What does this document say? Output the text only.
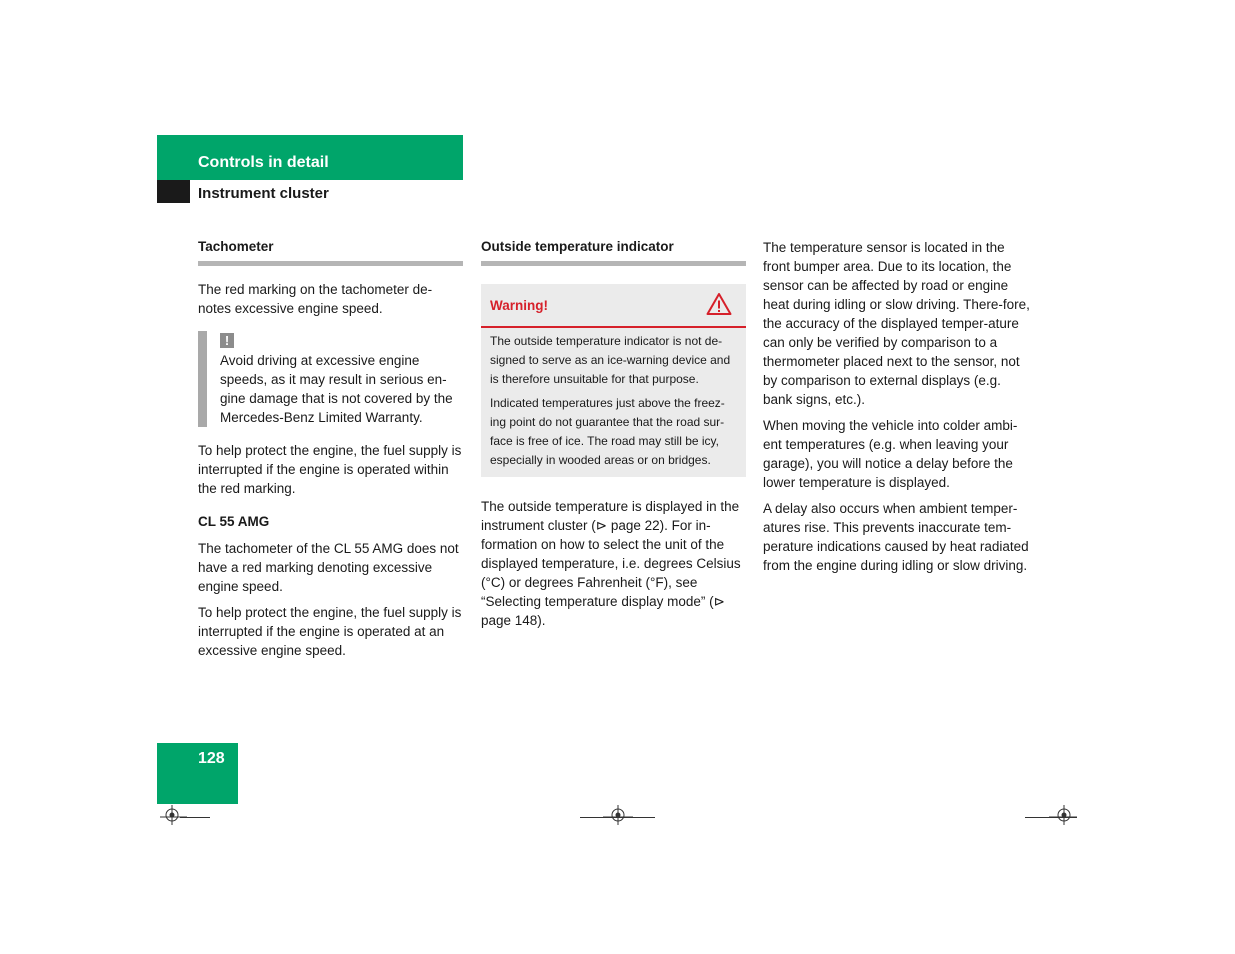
Controls in detail
Instrument cluster
Tachometer

The red marking on the tachometer de-notes excessive engine speed.

!

Avoid driving at excessive engine speeds, as it may result in serious en-gine damage that is not covered by the Mercedes-Benz Limited Warranty.

To help protect the engine, the fuel supply is interrupted if the engine is operated within the red marking.

CL 55 AMG

The tachometer of the CL 55 AMG does not have a red marking denoting excessive engine speed.

To help protect the engine, the fuel supply is interrupted if the engine is operated at an excessive engine speed.

Outside temperature indicator
Warning!

The outside temperature indicator is not de-signed to serve as an ice-warning device and is therefore unsuitable for that purpose.

Indicated temperatures just above the freez-ing point do not guarantee that the road sur-face is free of ice. The road may still be icy, especially in wooded areas or on bridges.

The outside temperature is displayed in the instrument cluster (⊳ page 22). For in-formation on how to select the unit of the displayed temperature, i.e. degrees Celsius (°C) or degrees Fahrenheit (°F), see “Selecting temperature display mode” (⊳ page 148).

The temperature sensor is located in the front bumper area. Due to its location, the sensor can be affected by road or engine heat during idling or slow driving. There-fore, the accuracy of the displayed temper-ature can only be verified by comparison to a thermometer placed next to the sensor, not by comparison to external displays (e.g. bank signs, etc.).

When moving the vehicle into colder ambi-ent temperatures (e.g. when leaving your garage), you will notice a delay before the lower temperature is displayed.

A delay also occurs when ambient temper-atures rise. This prevents inaccurate tem-perature indications caused by heat radiated from the engine during idling or slow driving.

128
